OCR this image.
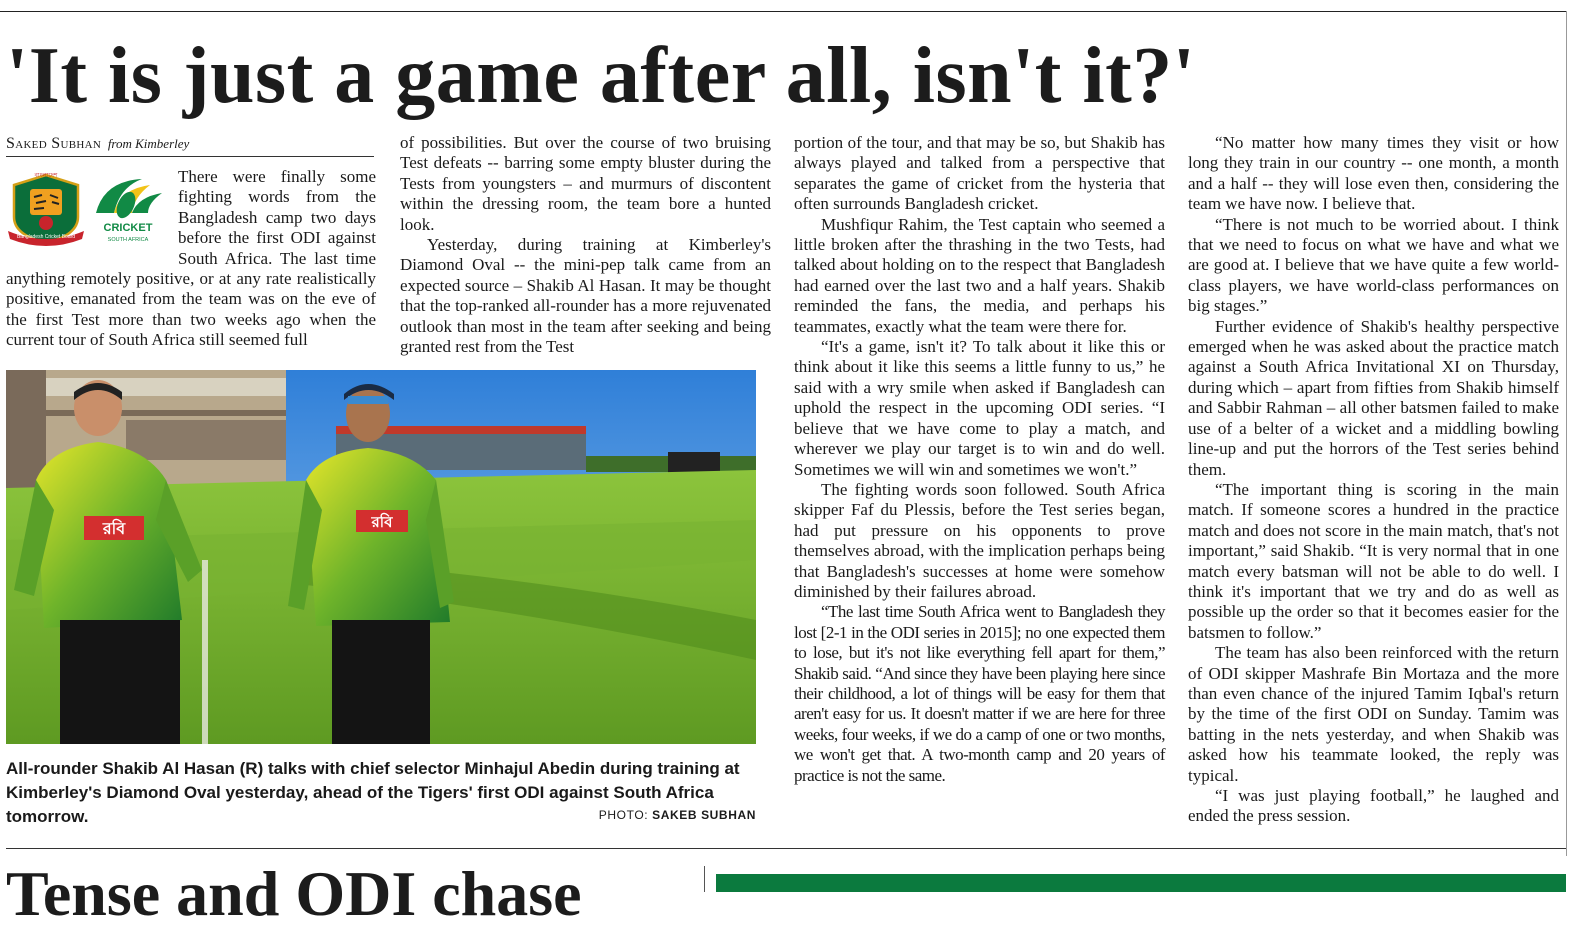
'It is just a game after all, isn't it?'
Saked Subhan from Kimberley
Bangladesh Cricket Board
বাংলাদেশ
CRICKET
SOUTH AFRICA

There were finally some fighting words from the Bangladesh camp two days before the first ODI against South Africa. The last time anything remotely positive, or at any rate realistically positive, emanated from the team was on the eve of the first Test more than two weeks ago when the current tour of South Africa still seemed full

of possibilities. But over the course of two bruising Test defeats -- barring some empty bluster during the Tests from youngsters – and murmurs of discontent within the dressing room, the team bore a hunted look.

Yesterday, during training at Kimberley's Diamond Oval -- the mini-pep talk came from an expected source – Shakib Al Hasan. It may be thought that the top-ranked all-rounder has a more rejuvenated outlook than most in the team after seeking and being granted rest from the Test

portion of the tour, and that may be so, but Shakib has always played and talked from a perspective that separates the game of cricket from the hysteria that often surrounds Bangladesh cricket.

Mushfiqur Rahim, the Test captain who seemed a little broken after the thrashing in the two Tests, had talked about holding on to the respect that Bangladesh had earned over the last two and a half years. Shakib reminded the fans, the media, and perhaps his teammates, exactly what the team were there for.

“It's a game, isn't it? To talk about it like this or think about it like this seems a little funny to us,” he said with a wry smile when asked if Bangladesh can uphold the respect in the upcoming ODI series. “I believe that we have come to play a match, and wherever we play our target is to win and do well. Sometimes we will win and sometimes we won't.”

The fighting words soon followed. South Africa skipper Faf du Plessis, before the Test series began, had put pressure on his opponents to prove themselves abroad, with the implication perhaps being that Bangladesh's successes at home were somehow diminished by their failures abroad.

“The last time South Africa went to Bangladesh they lost [2-1 in the ODI series in 2015]; no one expected them to lose, but it's not like everything fell apart for them,” Shakib said. “And since they have been playing here since their childhood, a lot of things will be easy for them that aren't easy for us. It doesn't matter if we are here for three weeks, four weeks, if we do a camp of one or two months, we won't get that. A two-month camp and 20 years of practice is not the same.

“No matter how many times they visit or how long they train in our country -- one month, a month and a half -- they will lose even then, considering the team we have now. I believe that.

“There is not much to be worried about. I think that we need to focus on what we have and what we are good at. I believe that we have quite a few world-class players, we have world-class performances on big stages.”

Further evidence of Shakib's healthy perspective emerged when he was asked about the practice match against a South Africa Invitational XI on Thursday, during which – apart from fifties from Shakib himself and Sabbir Rahman – all other batsmen failed to make use of a belter of a wicket and a middling bowling line-up and put the horrors of the Test series behind them.

“The important thing is scoring in the main match. If someone scores a hundred in the practice match and does not score in the main match, that's not important,” said Shakib. “It is very normal that in one match every batsman will not be able to do well. I think it's important that we try and do as well as possible up the order so that it becomes easier for the batsmen to follow.”

The team has also been reinforced with the return of ODI skipper Mashrafe Bin Mortaza and the more than even chance of the injured Tamim Iqbal's return by the time of the first ODI on Sunday. Tamim was batting in the nets yesterday, and when Shakib was asked how his teammate looked, the reply was typical.

“I was just playing football,” he laughed and ended the press session.

রবি	রবি
All-rounder Shakib Al Hasan (R) talks with chief selector Minhajul Abedin during training at Kimberley's Diamond Oval yesterday, ahead of the Tigers' first ODI against South Africa tomorrow.	PHOTO: SAKEB SUBHAN
Tense and ODI chase
